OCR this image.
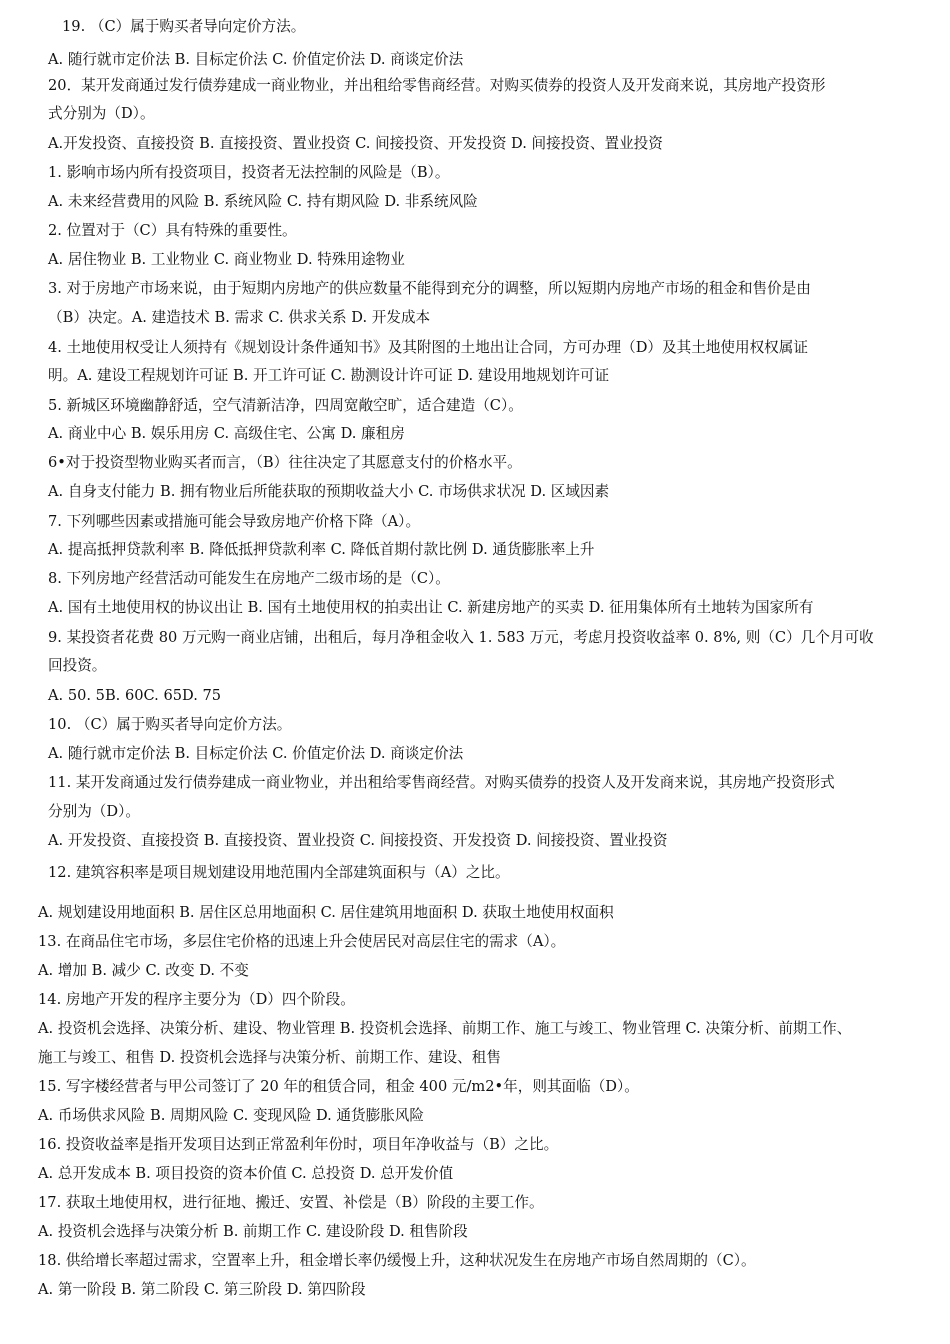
19. （C）属于购买者导向定价方法。
A. 随行就市定价法 B. 目标定价法 C. 价值定价法 D. 商谈定价法
20．某开发商通过发行债券建成一商业物业，并出租给零售商经营。对购买债券的投资人及开发商来说，其房地产投资形
式分别为（D）。
A.开发投资、直接投资 B. 直接投资、置业投资 C. 间接投资、开发投资 D. 间接投资、置业投资
1. 影响市场内所有投资项目，投资者无法控制的风险是（B）。
A. 未来经营费用的风险 B. 系统风险 C. 持有期风险 D. 非系统风险
2. 位置对于（C）具有特殊的重要性。
A. 居住物业 B. 工业物业 C. 商业物业 D. 特殊用途物业
3. 对于房地产市场来说，由于短期内房地产的供应数量不能得到充分的调整，所以短期内房地产市场的租金和售价是由
（B）决定。A. 建造技术 B. 需求 C. 供求关系 D. 开发成本
4. 土地使用权受让人须持有《规划设计条件通知书》及其附图的土地出让合同，方可办理（D）及其土地使用权权属证
明。A. 建设工程规划许可证 B. 开工许可证 C. 勘测设计许可证 D. 建设用地规划许可证
5. 新城区环境幽静舒适，空气清新洁净，四周宽敞空旷，适合建造（C）。
A. 商业中心 B. 娱乐用房 C. 高级住宅、公寓 D. 廉租房
6•对于投资型物业购买者而言，（B）往往决定了其愿意支付的价格水平。
A. 自身支付能力 B. 拥有物业后所能获取的预期收益大小 C. 市场供求状况 D. 区域因素
7. 下列哪些因素或措施可能会导致房地产价格下降（A）。
A. 提高抵押贷款利率 B. 降低抵押贷款利率 C. 降低首期付款比例 D. 通货膨胀率上升
8. 下列房地产经营活动可能发生在房地产二级市场的是（C）。
A. 国有土地使用权的协议出让 B. 国有土地使用权的拍卖出让 C. 新建房地产的买卖 D. 征用集体所有土地转为国家所有
9. 某投资者花费 80 万元购一商业店铺，出租后，每月净租金收入 1. 583 万元，考虑月投资收益率 0. 8%, 则（C）几个月可收
回投资。
A. 50. 5B. 60C. 65D. 75
10. （C）属于购买者导向定价方法。
A. 随行就市定价法 B. 目标定价法 C. 价值定价法 D. 商谈定价法
11. 某开发商通过发行债券建成一商业物业，并出租给零售商经营。对购买债券的投资人及开发商来说，其房地产投资形式
分别为（D）。
A. 开发投资、直接投资 B. 直接投资、置业投资 C. 间接投资、开发投资 D. 间接投资、置业投资
12. 建筑容积率是项目规划建设用地范围内全部建筑面积与（A）之比。
A. 规划建设用地面积 B. 居住区总用地面积 C. 居住建筑用地面积 D. 获取土地使用权面积
13. 在商品住宅市场，多层住宅价格的迅速上升会使居民对高层住宅的需求（A）。
A. 增加 B. 减少 C. 改变 D. 不变
14. 房地产开发的程序主要分为（D）四个阶段。
A. 投资机会选择、决策分析、建设、物业管理 B. 投资机会选择、前期工作、施工与竣工、物业管理 C. 决策分析、前期工作、
施工与竣工、租售 D. 投资机会选择与决策分析、前期工作、建设、租售
15. 写字楼经营者与甲公司签订了 20 年的租赁合同，租金 400 元/m2•年，则其面临（D）。
A. 币场供求风险 B. 周期风险 C. 变现风险 D. 通货膨胀风险
16. 投资收益率是指开发项目达到正常盈利年份时，项目年净收益与（B）之比。
A. 总开发成本 B. 项目投资的资本价值 C. 总投资 D. 总开发价值
17. 获取土地使用权，进行征地、搬迁、安置、补偿是（B）阶段的主要工作。
A. 投资机会选择与决策分析 B. 前期工作 C. 建设阶段 D. 租售阶段
18. 供给增长率超过需求，空置率上升，租金增长率仍缓慢上升，这种状况发生在房地产市场自然周期的（C）。
A. 第一阶段 B. 第二阶段 C. 第三阶段 D. 第四阶段
